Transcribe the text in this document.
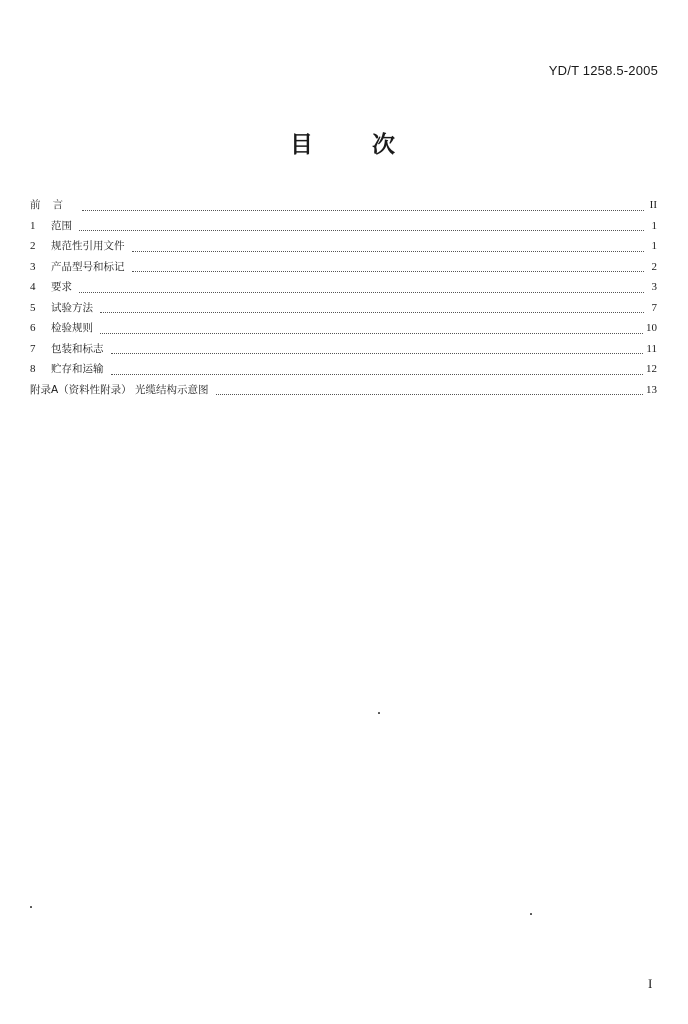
YD/T 1258.5-2005
目	次
前言	II
1	范围	1
2	规范性引用文件	1
3	产品型号和标记	2
4	要求	3
5	试验方法	7
6	检验规则	10
7	包装和标志	11
8	贮存和运输	12
附录A（资料性附录） 光缆结构示意图	13
I
